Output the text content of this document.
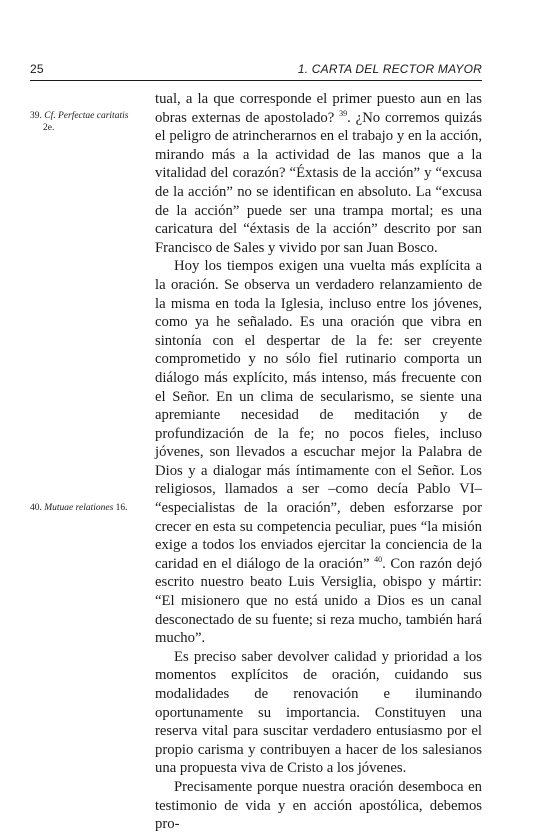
25	1. CARTA DEL RECTOR MAYOR
39. Cf. Perfectae caritatis
2e.
40. Mutuae relationes 16.

tual, a la que corresponde el primer puesto aun en las obras externas de apostolado? $^{39}$. ¿No corremos quizás el peligro de atrincherarnos en el trabajo y en la acción, mirando más a la actividad de las manos que a la vitalidad del corazón? “Éxtasis de la acción” y “excusa de la acción” no se identifican en absoluto. La “excusa de la acción” puede ser una trampa mortal; es una caricatura del “éxtasis de la acción” descrito por san Francisco de Sales y vivido por san Juan Bosco.

Hoy los tiempos exigen una vuelta más explícita a la oración. Se observa un verdadero relanzamiento de la misma en toda la Iglesia, incluso entre los jóvenes, como ya he señalado. Es una oración que vibra en sintonía con el despertar de la fe: ser creyente comprometido y no sólo fiel rutinario comporta un diálogo más explícito, más intenso, más frecuente con el Señor. En un clima de secularismo, se siente una apremiante necesidad de meditación y de profundización de la fe; no pocos fieles, incluso jóvenes, son llevados a escuchar mejor la Palabra de Dios y a dialogar más íntimamente con el Señor. Los religiosos, llamados a ser –como decía Pablo VI– “especialistas de la oración”, deben esforzarse por crecer en esta su competencia peculiar, pues “la misión exige a todos los enviados ejercitar la conciencia de la caridad en el diálogo de la oración” $^{40}$. Con razón dejó escrito nuestro beato Luis Versiglia, obispo y mártir: “El misionero que no está unido a Dios es un canal desconectado de su fuente; si reza mucho, también hará mucho”.

Es preciso saber devolver calidad y prioridad a los momentos explícitos de oración, cuidando sus modalidades de renovación e iluminando oportunamente su importancia. Constituyen una reserva vital para suscitar verdadero entusiasmo por el propio carisma y contribuyen a hacer de los salesianos una propuesta viva de Cristo a los jóvenes.

Precisamente porque nuestra oración desemboca en testimonio de vida y en acción apostólica, debemos pro-
